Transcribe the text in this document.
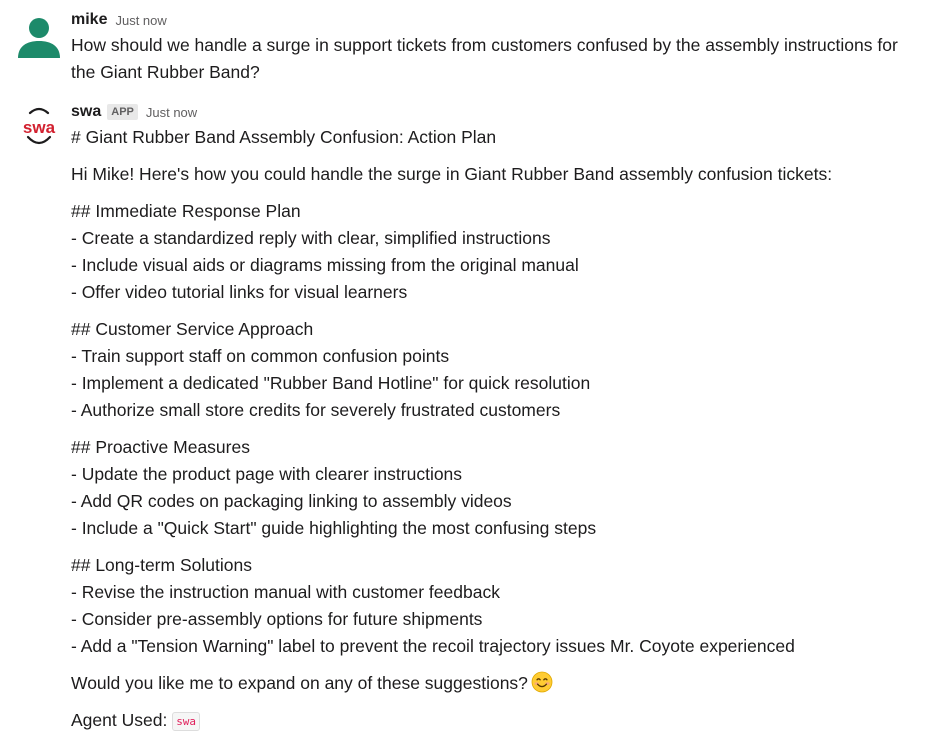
mike Just now
How should we handle a surge in support tickets from customers confused by the assembly instructions for the Giant Rubber Band?
swa
swa APP Just now
# Giant Rubber Band Assembly Confusion: Action Plan
Hi Mike! Here's how you could handle the surge in Giant Rubber Band assembly confusion tickets:
## Immediate Response Plan
- Create a standardized reply with clear, simplified instructions
- Include visual aids or diagrams missing from the original manual
- Offer video tutorial links for visual learners
## Customer Service Approach
- Train support staff on common confusion points
- Implement a dedicated "Rubber Band Hotline" for quick resolution
- Authorize small store credits for severely frustrated customers
## Proactive Measures
- Update the product page with clearer instructions
- Add QR codes on packaging linking to assembly videos
- Include a "Quick Start" guide highlighting the most confusing steps
## Long-term Solutions
- Revise the instruction manual with customer feedback
- Consider pre-assembly options for future shipments
- Add a "Tension Warning" label to prevent the recoil trajectory issues Mr. Coyote experienced
Would you like me to expand on any of these suggestions?
Agent Used: swa
